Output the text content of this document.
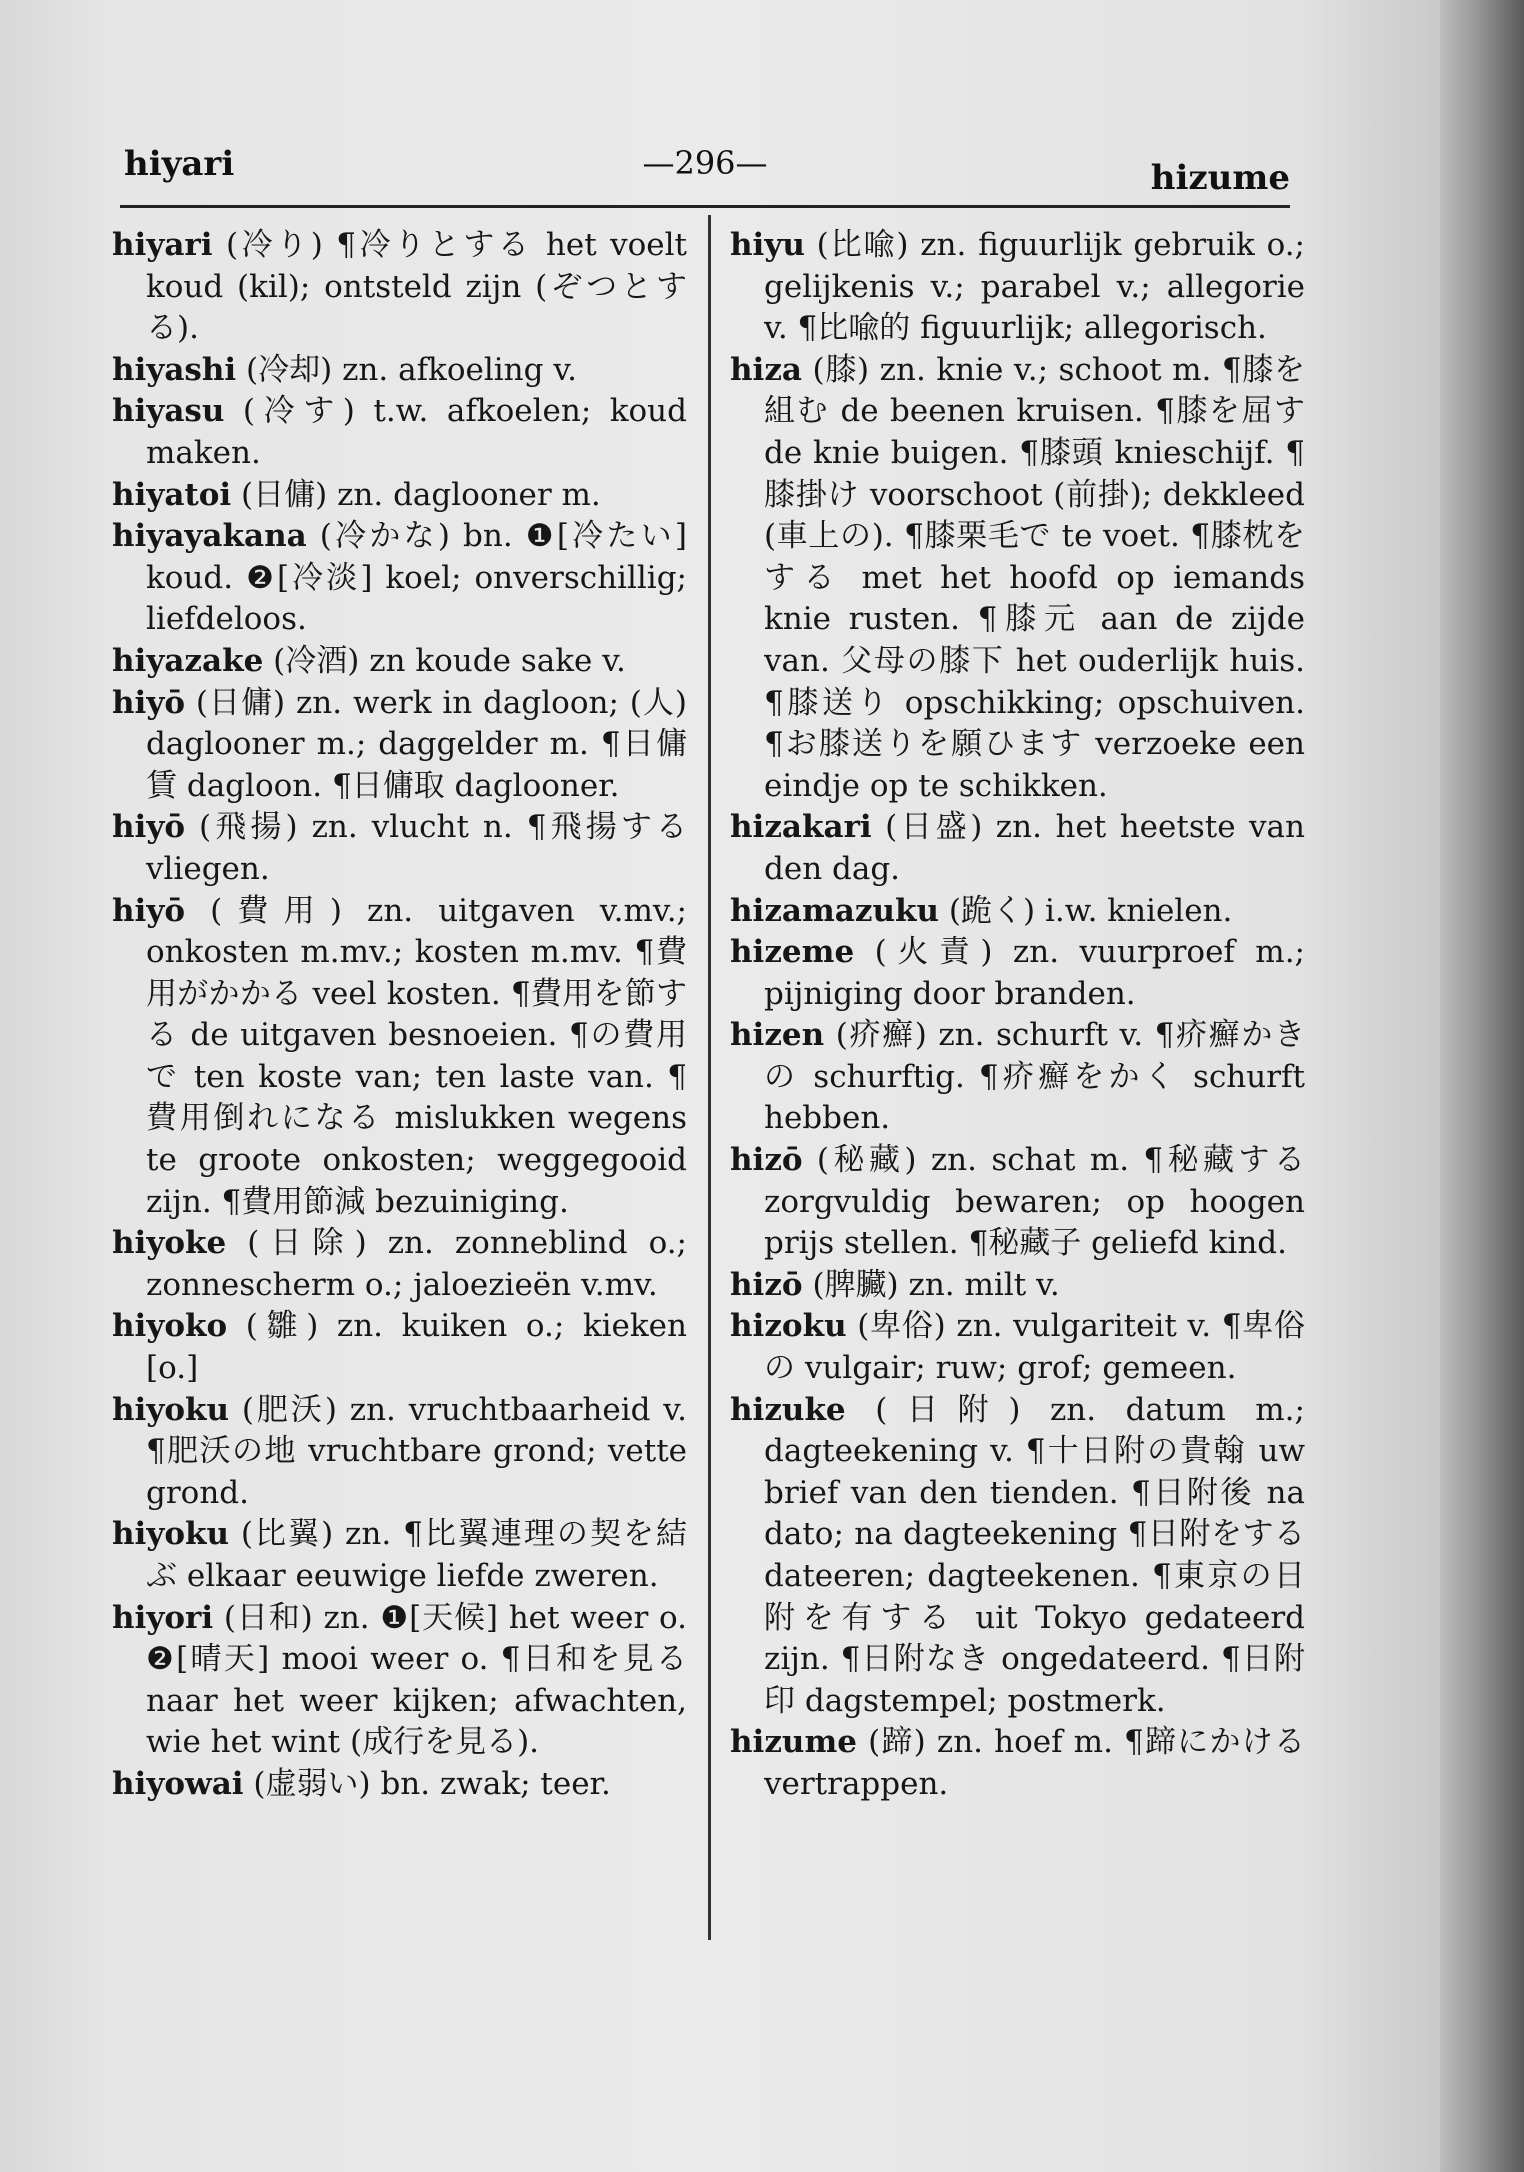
hiyari	—296—	hizume

hiyari (冷り) ¶冷りとする het voelt koud (kil); ontsteld zijn (ぞつとする).

hiyashi (冷却) zn. afkoeling v.

hiyasu (冷す) t.w. afkoelen; koud maken.

hiyatoi (日傭) zn. daglooner m.

hiyayakana (冷かな) bn. ❶[冷たい] koud. ❷[冷淡] koel; onverschillig; liefdeloos.

hiyazake (冷酒) zn koude sake v.

hiyō (日傭) zn. werk in dagloon; (人) daglooner m.; daggelder m. ¶日傭賃 dagloon. ¶日傭取 daglooner.

hiyō (飛揚) zn. vlucht n. ¶飛揚する vliegen.

hiyō (費用) zn. uitgaven v.mv.; onkosten m.mv.; kosten m.mv. ¶費用がかかる veel kosten. ¶費用を節する de uitgaven besnoeien. ¶の費用で ten koste van; ten laste van. ¶費用倒れになる mislukken wegens te groote onkosten; weggegooid zijn. ¶費用節減 bezuiniging.

hiyoke (日除) zn. zonneblind o.; zonnescherm o.; jaloezieën v.mv.

hiyoko (雛) zn. kuiken o.; kieken [o.]

hiyoku (肥沃) zn. vruchtbaarheid v. ¶肥沃の地 vruchtbare grond; vette grond.

hiyoku (比翼) zn. ¶比翼連理の契を結ぶ elkaar eeuwige liefde zweren.

hiyori (日和) zn. ❶[天候] het weer o. ❷[晴天] mooi weer o. ¶日和を見る naar het weer kijken; afwachten, wie het wint (成行を見る).

hiyowai (虚弱い) bn. zwak; teer.

hiyu (比喩) zn. figuurlijk gebruik o.; gelijkenis v.; parabel v.; allegorie v. ¶比喩的 figuurlijk; allegorisch.

hiza (膝) zn. knie v.; schoot m. ¶膝を組む de beenen kruisen. ¶膝を屈す de knie buigen. ¶膝頭 knieschijf. ¶膝掛け voorschoot (前掛); dekkleed (車上の). ¶膝栗毛で te voet. ¶膝枕をする met het hoofd op iemands knie rusten. ¶膝元 aan de zijde van. 父母の膝下 het ouderlijk huis. ¶膝送り opschikking; opschuiven. ¶お膝送りを願ひます verzoeke een eindje op te schikken.

hizakari (日盛) zn. het heetste van den dag.

hizamazuku (跪く) i.w. knielen.

hizeme (火責) zn. vuurproef m.; pijniging door branden.

hizen (疥癬) zn. schurft v. ¶疥癬かきの schurftig. ¶疥癬をかく schurft hebben.

hizō (秘藏) zn. schat m. ¶秘藏する zorgvuldig bewaren; op hoogen prijs stellen. ¶秘藏子 geliefd kind.

hizō (脾臟) zn. milt v.

hizoku (卑俗) zn. vulgariteit v. ¶卑俗の vulgair; ruw; grof; gemeen.

hizuke (日附) zn. datum m.; dagteekening v. ¶十日附の貴翰 uw brief van den tienden. ¶日附後 na dato; na dagteekening ¶日附をする dateeren; dagteekenen. ¶東京の日附を有する uit Tokyo gedateerd zijn. ¶日附なき ongedateerd. ¶日附印 dagstempel; postmerk.

hizume (蹄) zn. hoef m. ¶蹄にかける vertrappen.
